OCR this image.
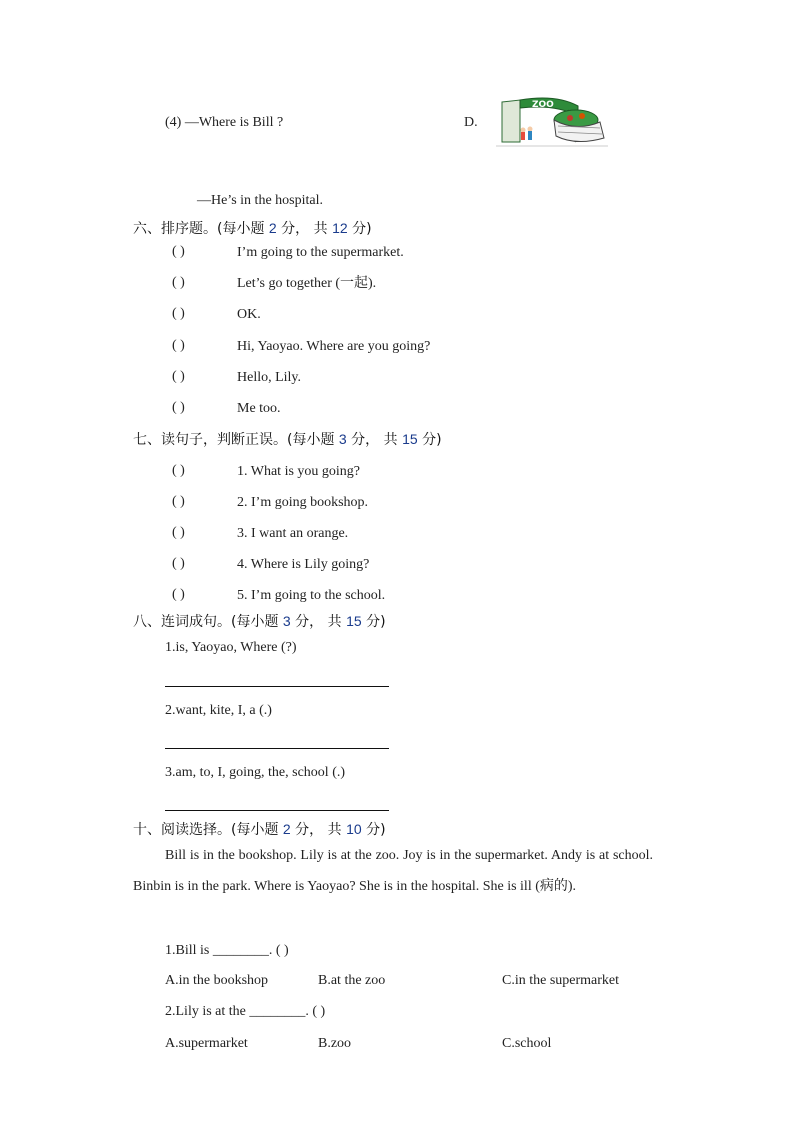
(4) —Where is Bill ?	D.
ZOO
—He’s in the hospital.
六、排序题。(每小题 2 分， 共 12 分)
( )	I’m going to the supermarket.
( )	Let’s go together (一起).
( )	OK.
( )	Hi, Yaoyao. Where are you going?
( )	Hello, Lily.
( )	Me too.
七、读句子，判断正误。(每小题 3 分， 共 15 分)
( )	1. What is you going?
( )	2. I’m going bookshop.
( )	3. I want an orange.
( )	4. Where is Lily going?
( )	5. I’m going to the school.
八、连词成句。(每小题 3 分， 共 15 分)
1.is, Yaoyao, Where (?)
2.want, kite, I, a (.)
3.am, to, I, going, the, school (.)
十、阅读选择。(每小题 2 分， 共 10 分)
Bill is in the bookshop. Lily is at the zoo. Joy is in the supermarket. Andy is at school. Binbin is in the park. Where is Yaoyao? She is in the hospital. She is ill (病的).
1.Bill is ________. ( )
A.in the bookshop	B.at the zoo	C.in the supermarket
2.Lily is at the ________. ( )
A.supermarket	B.zoo	C.school
